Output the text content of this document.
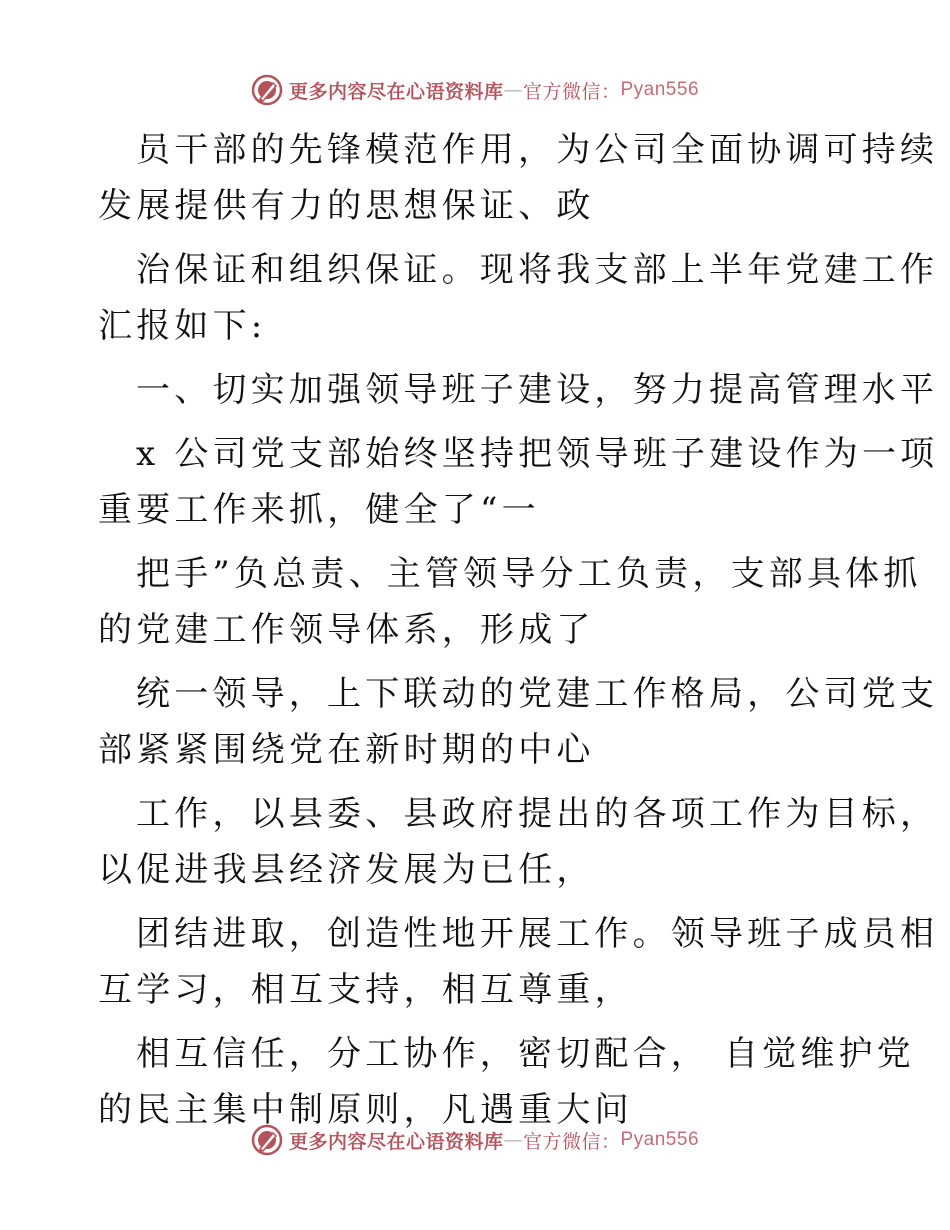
更多内容尽在心语资料库 — 官方微信： Pyan556
员干部的先锋模范作用，为公司全面协调可持续
发展提供有力的思想保证、政
治保证和组织保证。现将我支部上半年党建工作
汇报如下:
一、切实加强领导班子建设，努力提高管理水平
x 公司党支部始终坚持把领导班子建设作为一项
重要工作来抓，健全了“一
把手”负总责、主管领导分工负责，支部具体抓
的党建工作领导体系，形成了
统一领导，上下联动的党建工作格局，公司党支
部紧紧围绕党在新时期的中心
工作，以县委、县政府提出的各项工作为目标，
以促进我县经济发展为已任，
团结进取，创造性地开展工作。领导班子成员相
互学习，相互支持，相互尊重，
相互信任，分工协作，密切配合， 自觉维护党
的民主集中制原则，凡遇重大问
更多内容尽在心语资料库 — 官方微信： Pyan556
